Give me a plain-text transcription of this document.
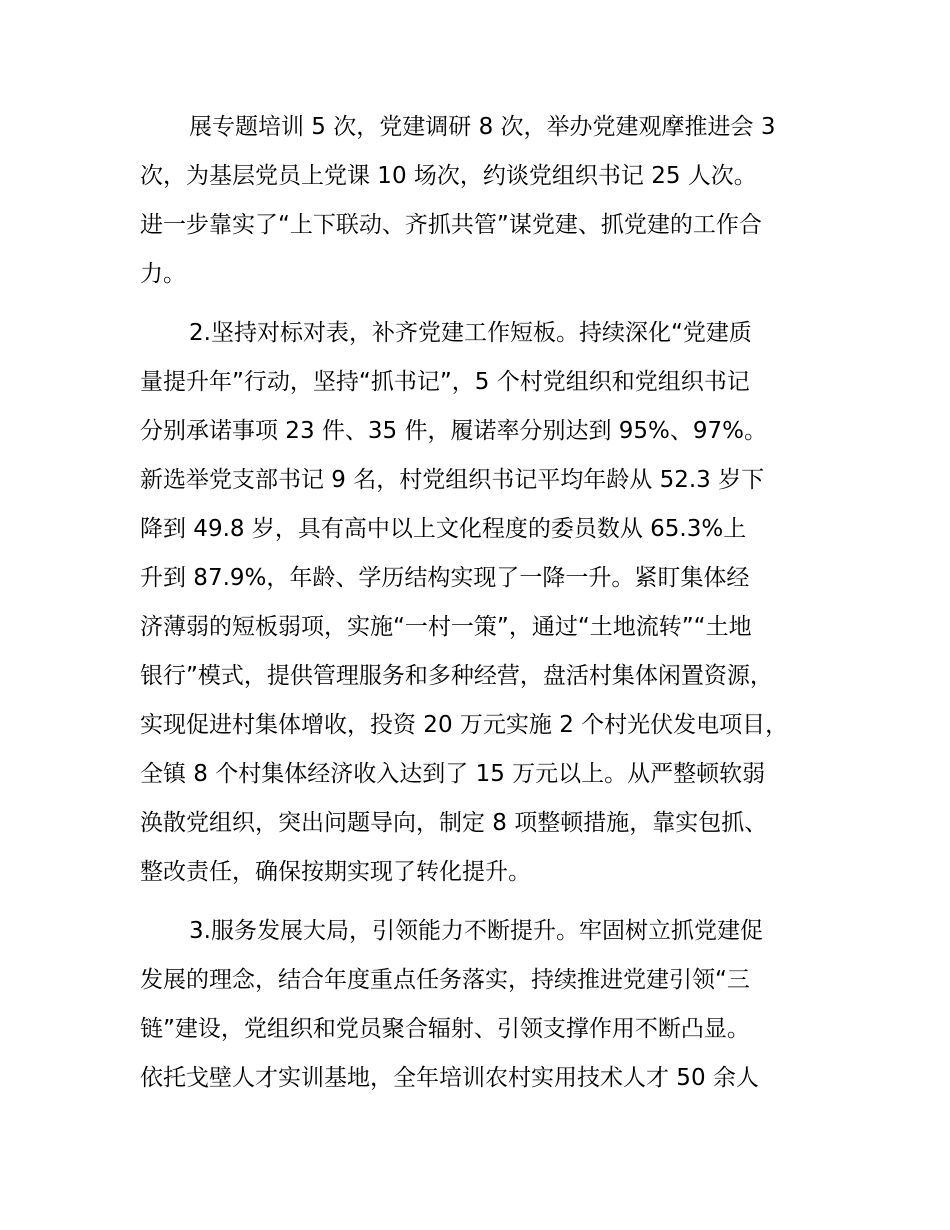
展专题培训 5 次，党建调研 8 次，举办党建观摩推进会 3
次，为基层党员上党课 10 场次，约谈党组织书记 25 人次。
进一步靠实了“上下联动、齐抓共管”谋党建、抓党建的工作合
力。
2.坚持对标对表，补齐党建工作短板。持续深化“党建质
量提升年”行动，坚持“抓书记”，5 个村党组织和党组织书记
分别承诺事项 23 件、35 件，履诺率分别达到 95%、97%。
新选举党支部书记 9 名，村党组织书记平均年龄从 52.3 岁下
降到 49.8 岁，具有高中以上文化程度的委员数从 65.3%上
升到 87.9%，年龄、学历结构实现了一降一升。紧盯集体经
济薄弱的短板弱项，实施“一村一策”，通过“土地流转”“土地
银行”模式，提供管理服务和多种经营，盘活村集体闲置资源，
实现促进村集体增收，投资 20 万元实施 2 个村光伏发电项目，
全镇 8 个村集体经济收入达到了 15 万元以上。从严整顿软弱
涣散党组织，突出问题导向，制定 8 项整顿措施，靠实包抓、
整改责任，确保按期实现了转化提升。
3.服务发展大局，引领能力不断提升。牢固树立抓党建促
发展的理念，结合年度重点任务落实，持续推进党建引领“三
链”建设，党组织和党员聚合辐射、引领支撑作用不断凸显。
依托戈壁人才实训基地，全年培训农村实用技术人才 50 余人
